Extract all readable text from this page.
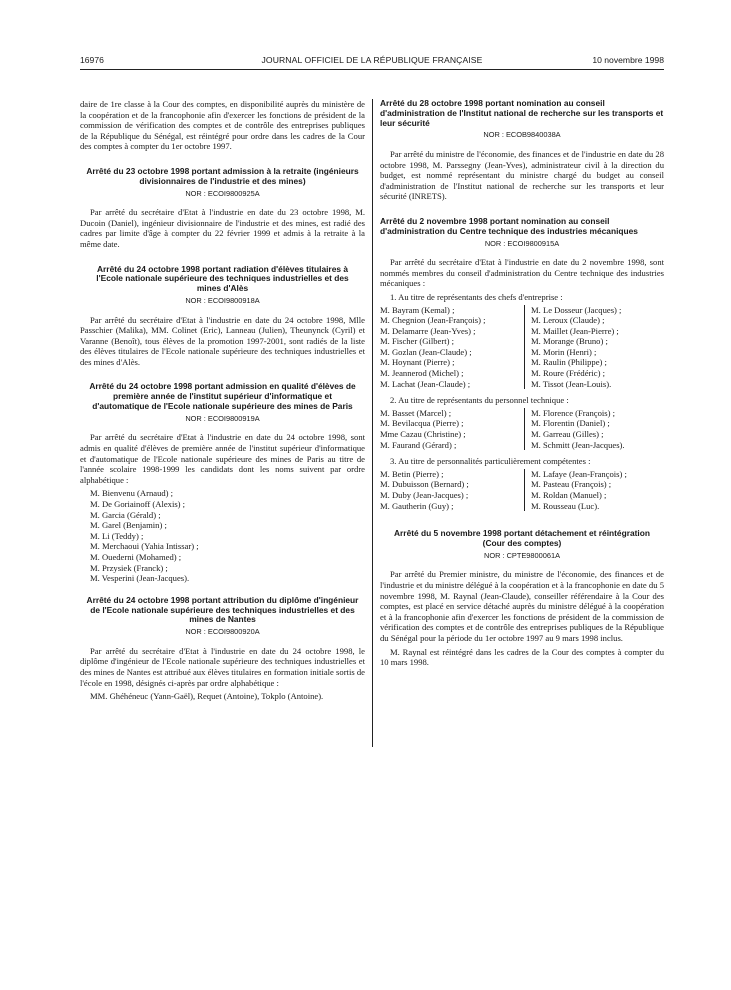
16976	JOURNAL OFFICIEL DE LA RÉPUBLIQUE FRANÇAISE	10 novembre 1998

daire de 1re classe à la Cour des comptes, en disponibilité auprès du ministère de la coopération et de la francophonie afin d'exercer les fonctions de président de la commission de vérification des comptes et de contrôle des entreprises publiques de la République du Sénégal, est réintégré pour ordre dans les cadres de la Cour des comptes à compter du 1er octobre 1997.

Arrêté du 23 octobre 1998 portant admission à la retraite (ingénieurs divisionnaires de l'industrie et des mines)
NOR : ECOI9800925A

Par arrêté du secrétaire d'Etat à l'industrie en date du 23 octobre 1998, M. Ducoin (Daniel), ingénieur divisionnaire de l'industrie et des mines, est radié des cadres par limite d'âge à compter du 22 février 1999 et admis à la retraite à la même date.

Arrêté du 24 octobre 1998 portant radiation d'élèves titulaires à l'Ecole nationale supérieure des techniques industrielles et des mines d'Alès
NOR : ECOI9800918A

Par arrêté du secrétaire d'Etat à l'industrie en date du 24 octobre 1998, Mlle Passchier (Malika), MM. Colinet (Eric), Lanneau (Julien), Theunynck (Cyril) et Varanne (Benoît), tous élèves de la promotion 1997-2001, sont radiés de la liste des élèves titulaires de l'Ecole nationale supérieure des techniques industrielles et des mines d'Alès.

Arrêté du 24 octobre 1998 portant admission en qualité d'élèves de première année de l'institut supérieur d'informatique et d'automatique de l'Ecole nationale supérieure des mines de Paris
NOR : ECOI9800919A

Par arrêté du secrétaire d'Etat à l'industrie en date du 24 octobre 1998, sont admis en qualité d'élèves de première année de l'institut supérieur d'informatique et d'automatique de l'Ecole nationale supérieure des mines de Paris au titre de l'année scolaire 1998-1999 les candidats dont les noms suivent par ordre alphabétique :

M. Bienvenu (Arnaud) ;
M. De Goriainoff (Alexis) ;
M. Garcia (Gérald) ;
M. Garel (Benjamin) ;
M. Li (Teddy) ;
M. Merchaoui (Yahia Intissar) ;
M. Ouederni (Mohamed) ;
M. Przysiek (Franck) ;
M. Vesperini (Jean-Jacques).
Arrêté du 24 octobre 1998 portant attribution du diplôme d'ingénieur de l'Ecole nationale supérieure des techniques industrielles et des mines de Nantes
NOR : ECOI9800920A

Par arrêté du secrétaire d'Etat à l'industrie en date du 24 octobre 1998, le diplôme d'ingénieur de l'Ecole nationale supérieure des techniques industrielles et des mines de Nantes est attribué aux élèves titulaires en formation initiale sortis de l'école en 1998, désignés ci-après par ordre alphabétique :

MM. Ghéhéneuc (Yann-Gaël), Requet (Antoine), Tokplo (Antoine).

Arrêté du 28 octobre 1998 portant nomination au conseil d'administration de l'Institut national de recherche sur les transports et leur sécurité
NOR : ECOB9840038A

Par arrêté du ministre de l'économie, des finances et de l'industrie en date du 28 octobre 1998, M. Parssegny (Jean-Yves), administrateur civil à la direction du budget, est nommé représentant du ministre chargé du budget au conseil d'administration de l'Institut national de recherche sur les transports et leur sécurité (INRETS).

Arrêté du 2 novembre 1998 portant nomination au conseil d'administration du Centre technique des industries mécaniques
NOR : ECOI9800915A

Par arrêté du secrétaire d'Etat à l'industrie en date du 2 novembre 1998, sont nommés membres du conseil d'administration du Centre technique des industries mécaniques :

1. Au titre de représentants des chefs d'entreprise :

M. Bayram (Kemal) ;
M. Chegnion (Jean-François) ;
M. Delamarre (Jean-Yves) ;
M. Fischer (Gilbert) ;
M. Gozlan (Jean-Claude) ;
M. Hoynant (Pierre) ;
M. Jeannerod (Michel) ;
M. Lachat (Jean-Claude) ;
M. Le Dosseur (Jacques) ;
M. Leroux (Claude) ;
M. Maillet (Jean-Pierre) ;
M. Morange (Bruno) ;
M. Morin (Henri) ;
M. Raulin (Philippe) ;
M. Roure (Frédéric) ;
M. Tissot (Jean-Louis).

2. Au titre de représentants du personnel technique :

M. Basset (Marcel) ;
M. Bevilacqua (Pierre) ;
Mme Cazau (Christine) ;
M. Faurand (Gérard) ;
M. Florence (François) ;
M. Florentin (Daniel) ;
M. Garreau (Gilles) ;
M. Schmitt (Jean-Jacques).

3. Au titre de personnalités particulièrement compétentes :

M. Betin (Pierre) ;
M. Dubuisson (Bernard) ;
M. Duby (Jean-Jacques) ;
M. Gautherin (Guy) ;
M. Lafaye (Jean-François) ;
M. Pasteau (François) ;
M. Roldan (Manuel) ;
M. Rousseau (Luc).
Arrêté du 5 novembre 1998 portant détachement et réintégration (Cour des comptes)
NOR : CPTE9800061A

Par arrêté du Premier ministre, du ministre de l'économie, des finances et de l'industrie et du ministre délégué à la coopération et à la francophonie en date du 5 novembre 1998, M. Raynal (Jean-Claude), conseiller référendaire à la Cour des comptes, est placé en service détaché auprès du ministre délégué à la coopération et à la francophonie afin d'exercer les fonctions de président de la commission de vérification des comptes et de contrôle des entreprises publiques de la République du Sénégal pour la période du 1er octobre 1997 au 9 mars 1998 inclus.

M. Raynal est réintégré dans les cadres de la Cour des comptes à compter du 10 mars 1998.
